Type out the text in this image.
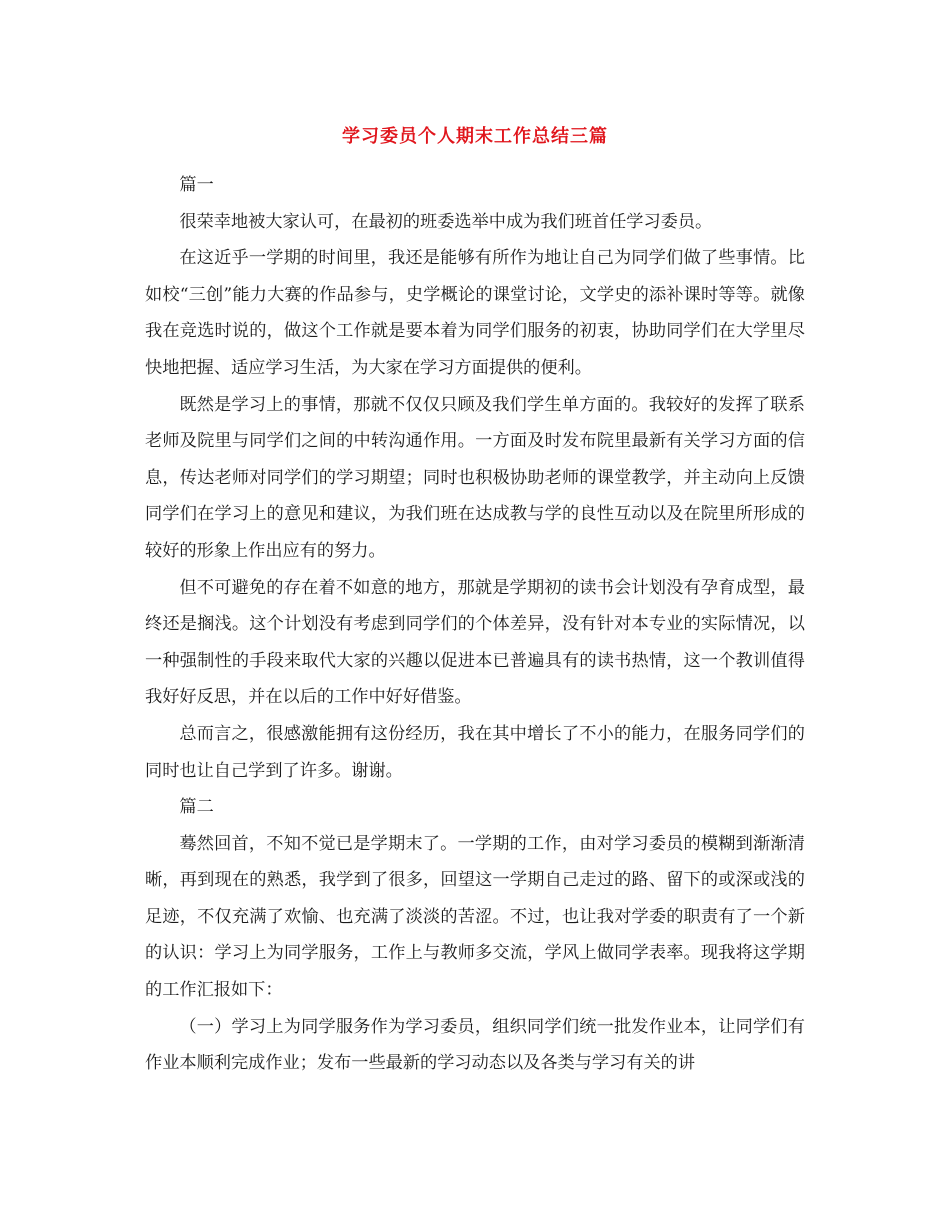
学习委员个人期末工作总结三篇

篇一

很荣幸地被大家认可，在最初的班委选举中成为我们班首任学习委员。

在这近乎一学期的时间里，我还是能够有所作为地让自己为同学们做了些事情。比如校“三创”能力大赛的作品参与，史学概论的课堂讨论，文学史的添补课时等等。就像我在竞选时说的，做这个工作就是要本着为同学们服务的初衷，协助同学们在大学里尽快地把握、适应学习生活，为大家在学习方面提供的便利。

既然是学习上的事情，那就不仅仅只顾及我们学生单方面的。我较好的发挥了联系老师及院里与同学们之间的中转沟通作用。一方面及时发布院里最新有关学习方面的信息，传达老师对同学们的学习期望；同时也积极协助老师的课堂教学，并主动向上反馈同学们在学习上的意见和建议，为我们班在达成教与学的良性互动以及在院里所形成的较好的形象上作出应有的努力。

但不可避免的存在着不如意的地方，那就是学期初的读书会计划没有孕育成型，最终还是搁浅。这个计划没有考虑到同学们的个体差异，没有针对本专业的实际情况，以一种强制性的手段来取代大家的兴趣以促进本已普遍具有的读书热情，这一个教训值得我好好反思，并在以后的工作中好好借鉴。

总而言之，很感激能拥有这份经历，我在其中增长了不小的能力，在服务同学们的同时也让自己学到了许多。谢谢。

篇二

蓦然回首，不知不觉已是学期末了。一学期的工作，由对学习委员的模糊到渐渐清晰，再到现在的熟悉，我学到了很多，回望这一学期自己走过的路、留下的或深或浅的足迹，不仅充满了欢愉、也充满了淡淡的苦涩。不过，也让我对学委的职责有了一个新的认识：学习上为同学服务，工作上与教师多交流，学风上做同学表率。现我将这学期的工作汇报如下：

（一）学习上为同学服务作为学习委员，组织同学们统一批发作业本，让同学们有作业本顺利完成作业；发布一些最新的学习动态以及各类与学习有关的讲
